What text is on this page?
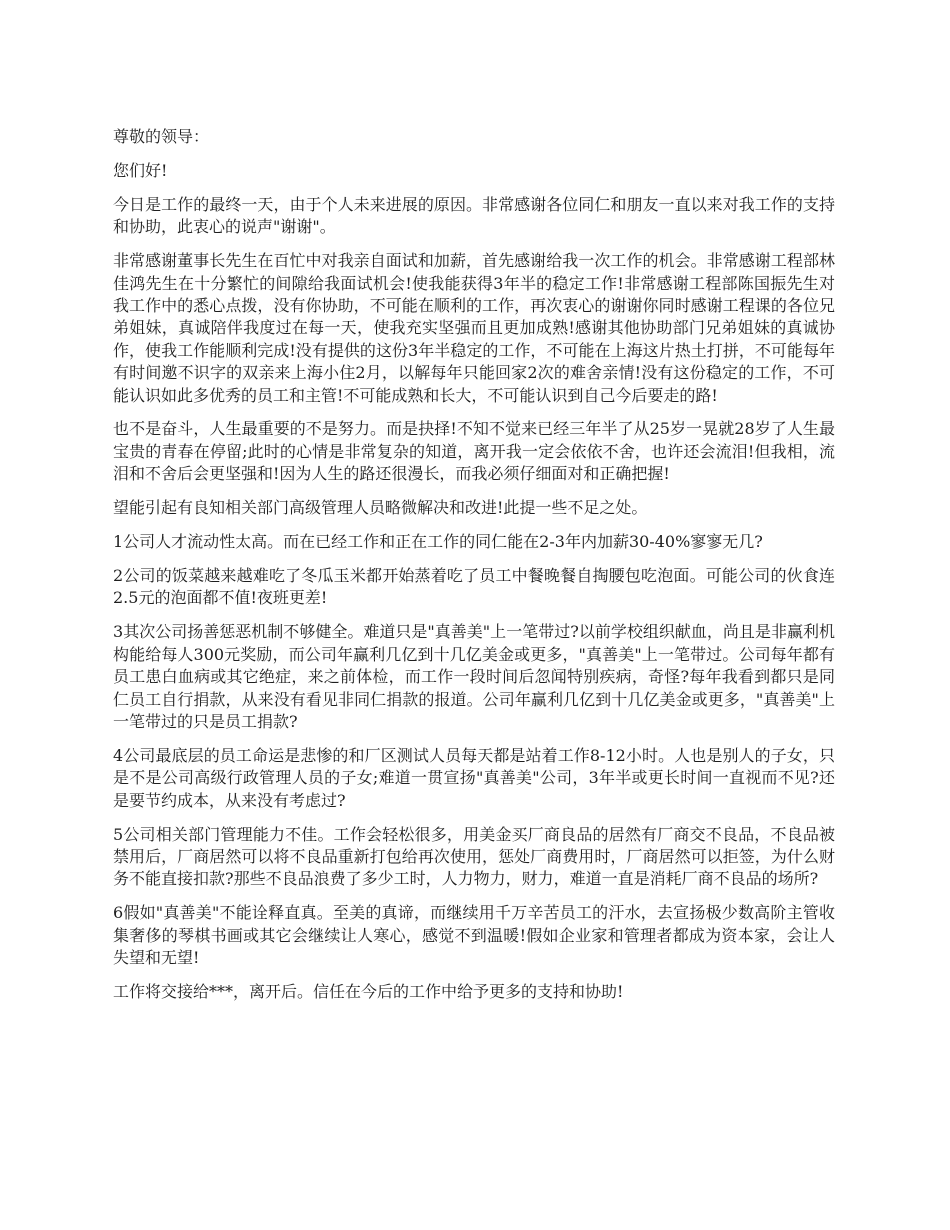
尊敬的领导：

您们好!

今日是工作的最终一天，由于个人未来进展的原因。非常感谢各位同仁和朋友一直以来对我工作的支持和协助，此衷心的说声"谢谢"。

非常感谢董事长先生在百忙中对我亲自面试和加薪，首先感谢给我一次工作的机会。非常感谢工程部林佳鸿先生在十分繁忙的间隙给我面试机会!使我能获得3年半的稳定工作!非常感谢工程部陈国振先生对我工作中的悉心点拨，没有你协助，不可能在顺利的工作，再次衷心的谢谢你同时感谢工程课的各位兄弟姐妹，真诚陪伴我度过在每一天，使我充实坚强而且更加成熟!感谢其他协助部门兄弟姐妹的真诚协作，使我工作能顺利完成!没有提供的这份3年半稳定的工作，不可能在上海这片热土打拼，不可能每年有时间邀不识字的双亲来上海小住2月，以解每年只能回家2次的难舍亲情!没有这份稳定的工作，不可能认识如此多优秀的员工和主管!不可能成熟和长大，不可能认识到自己今后要走的路!

也不是奋斗，人生最重要的不是努力。而是抉择!不知不觉来已经三年半了从25岁一晃就28岁了人生最宝贵的青春在停留;此时的心情是非常复杂的知道，离开我一定会依依不舍，也许还会流泪!但我相，流泪和不舍后会更坚强和!因为人生的路还很漫长，而我必须仔细面对和正确把握!

望能引起有良知相关部门高级管理人员略微解决和改进!此提一些不足之处。

1公司人才流动性太高。而在已经工作和正在工作的同仁能在2-3年内加薪30-40%寥寥无几?

2公司的饭菜越来越难吃了冬瓜玉米都开始蒸着吃了员工中餐晚餐自掏腰包吃泡面。可能公司的伙食连2.5元的泡面都不值!夜班更差!

3其次公司扬善惩恶机制不够健全。难道只是"真善美"上一笔带过?以前学校组织献血，尚且是非赢利机构能给每人300元奖励，而公司年赢利几亿到十几亿美金或更多，"真善美"上一笔带过。公司每年都有员工患白血病或其它绝症，来之前体检，而工作一段时间后忽闻特别疾病，奇怪?每年我看到都只是同仁员工自行捐款，从来没有看见非同仁捐款的报道。公司年赢利几亿到十几亿美金或更多，"真善美"上一笔带过的只是员工捐款?

4公司最底层的员工命运是悲惨的和厂区测试人员每天都是站着工作8-12小时。人也是别人的子女，只是不是公司高级行政管理人员的子女;难道一贯宣扬"真善美"公司，3年半或更长时间一直视而不见?还是要节约成本，从来没有考虑过?

5公司相关部门管理能力不佳。工作会轻松很多，用美金买厂商良品的居然有厂商交不良品，不良品被禁用后，厂商居然可以将不良品重新打包给再次使用，惩处厂商费用时，厂商居然可以拒签，为什么财务不能直接扣款?那些不良品浪费了多少工时，人力物力，财力，难道一直是消耗厂商不良品的场所?

6假如"真善美"不能诠释直真。至美的真谛，而继续用千万辛苦员工的汗水，去宣扬极少数高阶主管收集奢侈的琴棋书画或其它会继续让人寒心，感觉不到温暖!假如企业家和管理者都成为资本家，会让人失望和无望!

工作将交接给***，离开后。信任在今后的工作中给予更多的支持和协助!
